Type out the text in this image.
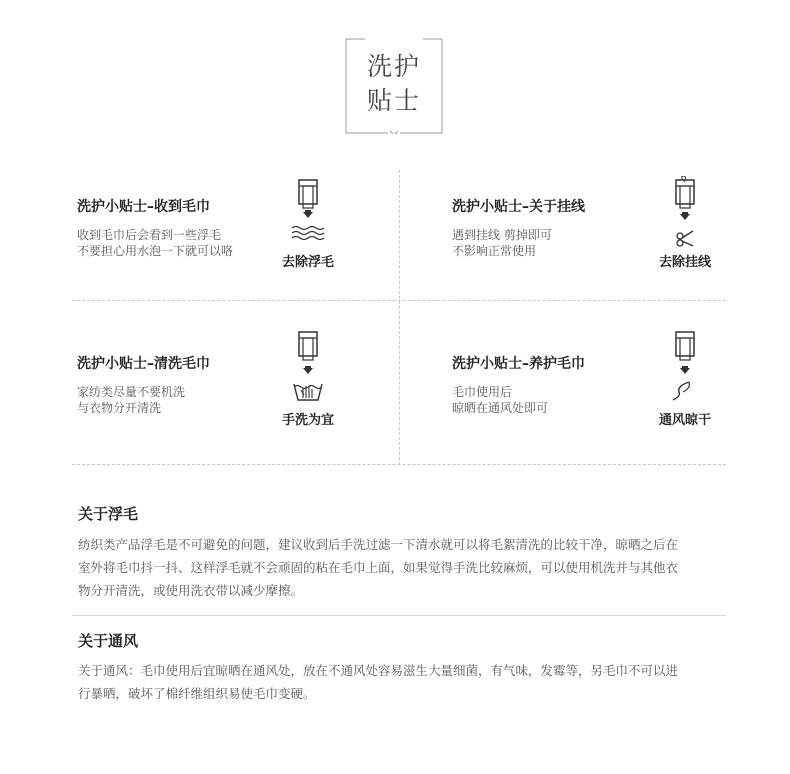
洗护
贴士
洗护小贴士–收到毛巾
收到毛巾后会看到一些浮毛
不要担心用水泡一下就可以咯
去除浮毛
洗护小贴士–关于挂线
遇到挂线 剪掉即可
不影响正常使用
去除挂线
洗护小贴士–清洗毛巾
家纺类尽量不要机洗
与衣物分开清洗
手洗为宜
洗护小贴士–养护毛巾
毛巾使用后
晾晒在通风处即可
通风晾干
关于浮毛
纺织类产品浮毛是不可避免的问题，建议收到后手洗过滤一下清水就可以将毛絮清洗的比较干净，晾晒之后在
室外将毛巾抖一抖、这样浮毛就不会顽固的粘在毛巾上面，如果觉得手洗比较麻烦，可以使用机洗并与其他衣
物分开清洗，或使用洗衣带以减少摩擦。
关于通风
关于通风：毛巾使用后宜晾晒在通风处，放在不通风处容易滋生大量细菌，有气味，发霉等，另毛巾不可以进
行暴晒，破坏了棉纤维组织易使毛巾变硬。
